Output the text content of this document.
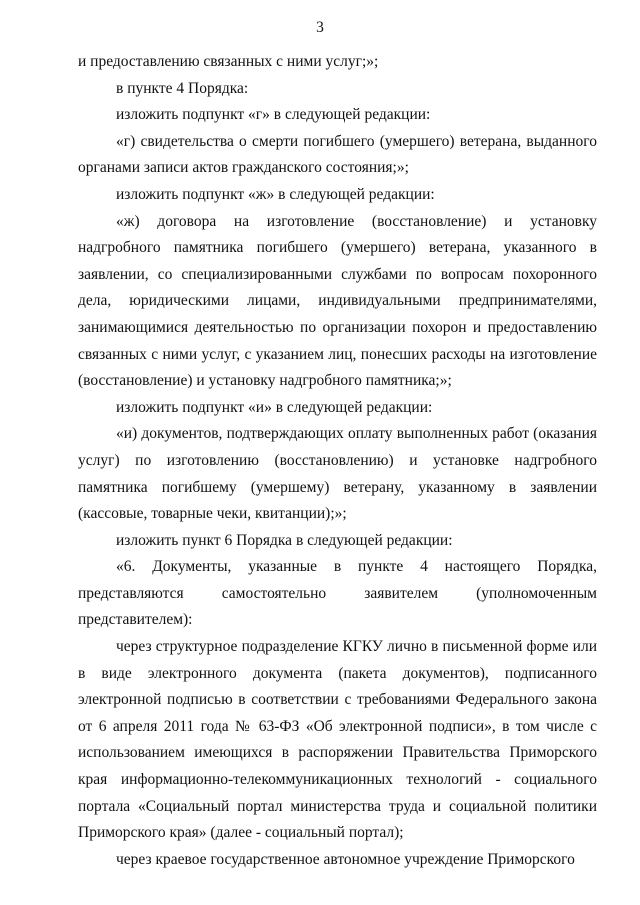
3

и предоставлению связанных с ними услуг;»;

в пункте 4 Порядка:

изложить подпункт «г» в следующей редакции:

«г) свидетельства о смерти погибшего (умершего) ветерана, выданного органами записи актов гражданского состояния;»;

изложить подпункт «ж» в следующей редакции:

«ж) договора на изготовление (восстановление) и установку надгробного памятника погибшего (умершего) ветерана, указанного в заявлении, со специализированными службами по вопросам похоронного дела, юридическими лицами, индивидуальными предпринимателями, занимающимися деятельностью по организации похорон и предоставлению связанных с ними услуг, с указанием лиц, понесших расходы на изготовление (восстановление) и установку надгробного памятника;»;

изложить подпункт «и» в следующей редакции:

«и) документов, подтверждающих оплату выполненных работ (оказания услуг) по изготовлению (восстановлению) и установке надгробного памятника погибшему (умершему) ветерану, указанному в заявлении (кассовые, товарные чеки, квитанции);»;

изложить пункт 6 Порядка в следующей редакции:

«6. Документы, указанные в пункте 4 настоящего Порядка, представляются самостоятельно заявителем (уполномоченным представителем):

через структурное подразделение КГКУ лично в письменной форме или в виде электронного документа (пакета документов), подписанного электронной подписью в соответствии с требованиями Федерального закона от 6 апреля 2011 года № 63-ФЗ «Об электронной подписи», в том числе с использованием имеющихся в распоряжении Правительства Приморского края информационно-телекоммуникационных технологий - социального портала «Социальный портал министерства труда и социальной политики Приморского края» (далее - социальный портал);

через краевое государственное автономное учреждение Приморского
